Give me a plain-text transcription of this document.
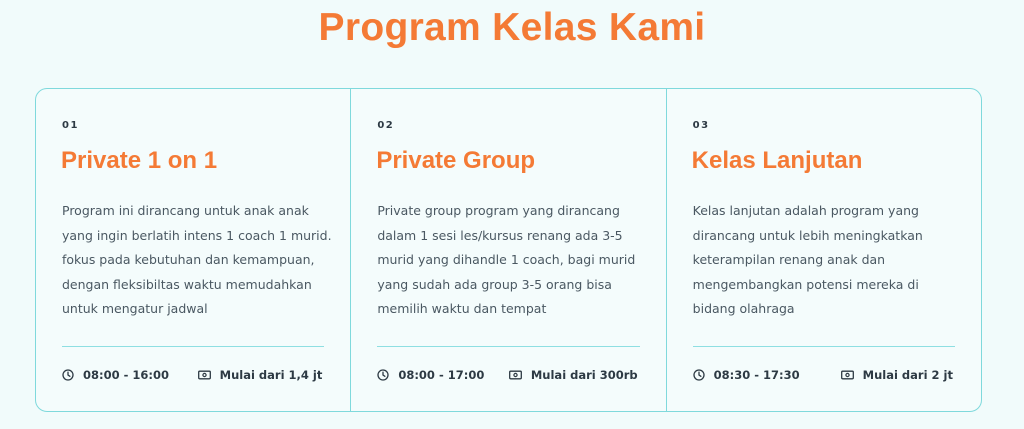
Program Kelas Kami
01
Private 1 on 1
Program ini dirancang untuk anak anak yang ingin berlatih intens 1 coach 1 murid. fokus pada kebutuhan dan kemampuan, dengan fleksibiltas waktu memudahkan untuk mengatur jadwal
08:00 - 16:00	Mulai dari 1,4 jt
02
Private Group
Private group program yang dirancang dalam 1 sesi les/kursus renang ada 3-5 murid yang dihandle 1 coach, bagi murid yang sudah ada group 3-5 orang bisa memilih waktu dan tempat
08:00 - 17:00	Mulai dari 300rb
03
Kelas Lanjutan
Kelas lanjutan adalah program yang dirancang untuk lebih meningkatkan keterampilan renang anak dan mengembangkan potensi mereka di bidang olahraga
08:30 - 17:30	Mulai dari 2 jt
